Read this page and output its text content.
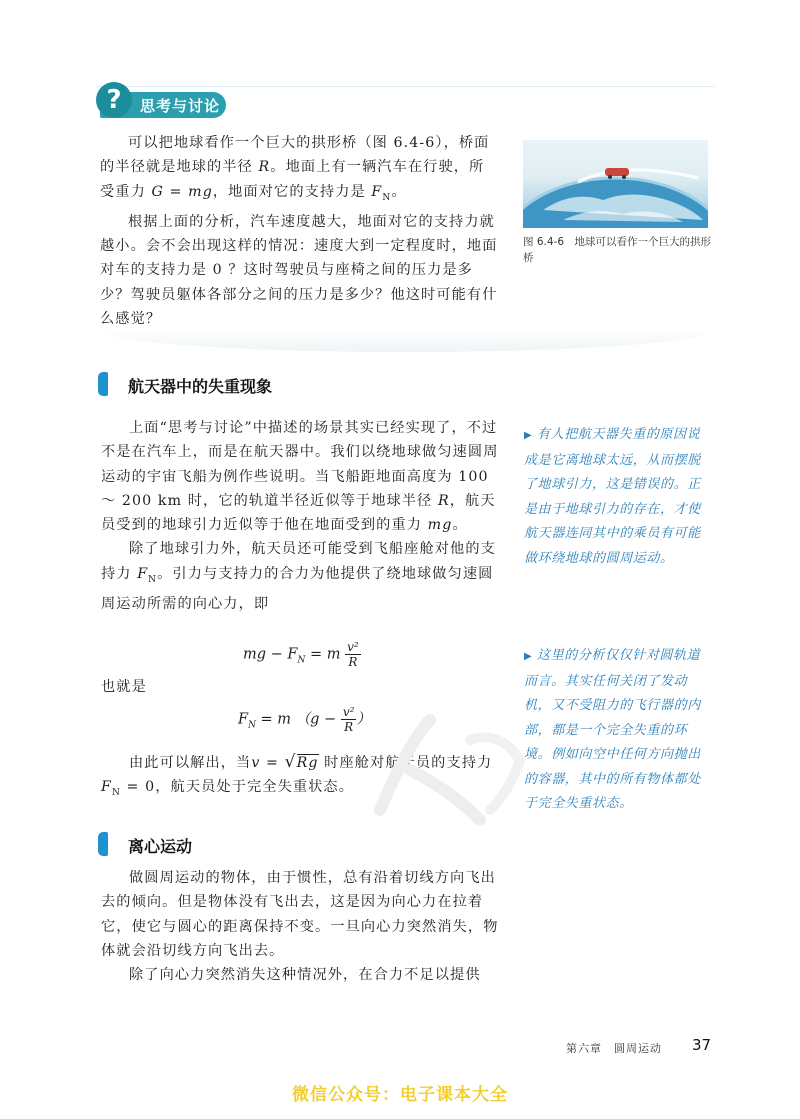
?	思考与讨论

可以把地球看作一个巨大的拱形桥（图 6.4-6），桥面的半径就是地球的半径 R。地面上有一辆汽车在行驶，所受重力 G = mg，地面对它的支持力是 $F_N$。

根据上面的分析，汽车速度越大，地面对它的支持力就越小。会不会出现这样的情况：速度大到一定程度时，地面对车的支持力是 0 ？这时驾驶员与座椅之间的压力是多少？驾驶员躯体各部分之间的压力是多少？他这时可能有什么感觉？

图 6.4-6　地球可以看作一个巨大的拱形桥
航天器中的失重现象

上面“思考与讨论”中描述的场景其实已经实现了，不过不是在汽车上，而是在航天器中。我们以绕地球做匀速圆周运动的宇宙飞船为例作些说明。当飞船距地面高度为 100 ～ 200 km 时，它的轨道半径近似等于地球半径 R，航天员受到的地球引力近似等于他在地面受到的重力 mg。

除了地球引力外，航天员还可能受到飞船座舱对他的支持力 $F_N$。引力与支持力的合力为他提供了绕地球做匀速圆周运动所需的向心力，即

mg − $F_N = m \frac{\text{v²}}{R}$
也就是
$F_N = m$ （$g - \frac{\text{v²}}{R}$ ）
由此可以解出，当v = √Rg 时座舱对航天员的支持力 $F_N = 0$，航天员处于完全失重状态。
离心运动

做圆周运动的物体，由于惯性，总有沿着切线方向飞出去的倾向。但是物体没有飞出去，这是因为向心力在拉着它，使它与圆心的距离保持不变。一旦向心力突然消失，物体就会沿切线方向飞出去。

除了向心力突然消失这种情况外，在合力不足以提供

▶ 有人把航天器失重的原因说成是它离地球太远，从而摆脱了地球引力，这是错误的。正是由于地球引力的存在，才使航天器连同其中的乘员有可能做环绕地球的圆周运动。
▶ 这里的分析仅仅针对圆轨道而言。其实任何关闭了发动机，又不受阻力的飞行器的内部，都是一个完全失重的环境。例如向空中任何方向抛出的容器，其中的所有物体都处于完全失重状态。
第六章　圆周运动 37
微信公众号：电子课本大全
